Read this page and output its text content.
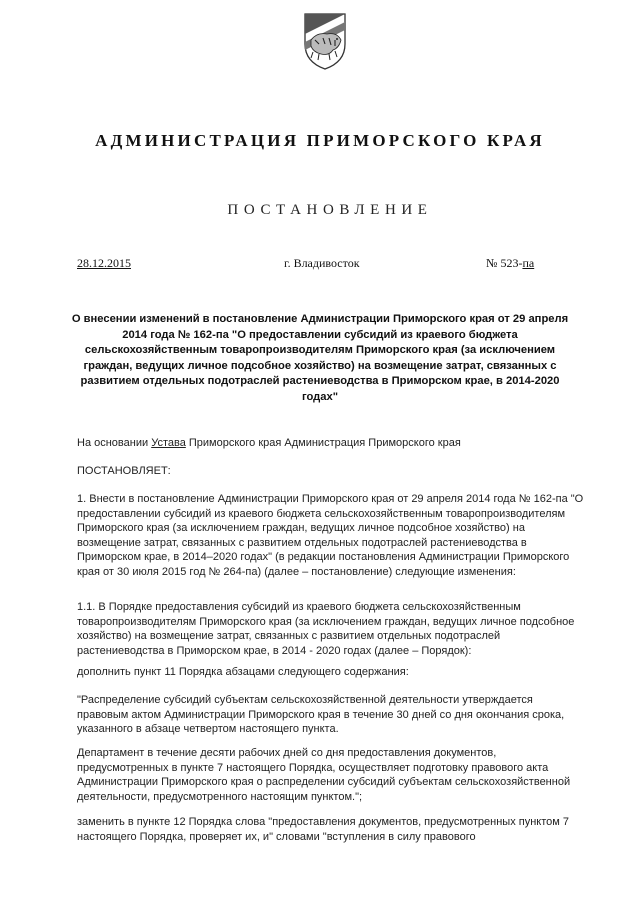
АДМИНИСТРАЦИЯ ПРИМОРСКОГО КРАЯ
ПОСТАНОВЛЕНИЕ
28.12.2015	г. Владивосток	№ 523-па
О внесении изменений в постановление Администрации Приморского края от 29 апреля 2014 года № 162-па "О предоставлении субсидий из краевого бюджета сельскохозяйственным товаропроизводителям Приморского края (за исключением граждан, ведущих личное подсобное хозяйство) на возмещение затрат, связанных с развитием отдельных подотраслей растениеводства в Приморском крае, в 2014-2020 годах"
На основании Устава Приморского края Администрация Приморского края
ПОСТАНОВЛЯЕТ:
1. Внести в постановление Администрации Приморского края от 29 апреля 2014 года № 162-па "О предоставлении субсидий из краевого бюджета сельскохозяйственным товаропроизводителям Приморского края (за исключением граждан, ведущих личное подсобное хозяйство) на возмещение затрат, связанных с развитием отдельных подотраслей растениеводства в Приморском крае, в 2014–2020 годах" (в редакции постановления Администрации Приморского края от 30 июля 2015 год № 264-па) (далее – постановление) следующие изменения:
1.1. В Порядке предоставления субсидий из краевого бюджета сельскохозяйственным товаропроизводителям Приморского края (за исключением граждан, ведущих личное подсобное хозяйство) на возмещение затрат, связанных с развитием отдельных подотраслей растениеводства в Приморском крае, в 2014 - 2020 годах (далее – Порядок):
дополнить пункт 11 Порядка абзацами следующего содержания:
"Распределение субсидий субъектам сельскохозяйственной деятельности утверждается правовым актом Администрации Приморского края в течение 30 дней со дня окончания срока, указанного в абзаце четвертом настоящего пункта.
Департамент в течение десяти рабочих дней со дня предоставления документов, предусмотренных в пункте 7 настоящего Порядка, осуществляет подготовку правового акта Администрации Приморского края о распределении субсидий субъектам сельскохозяйственной деятельности, предусмотренного настоящим пунктом.";
заменить в пункте 12 Порядка слова "предоставления документов, предусмотренных пунктом 7 настоящего Порядка, проверяет их, и" словами "вступления в силу правового
